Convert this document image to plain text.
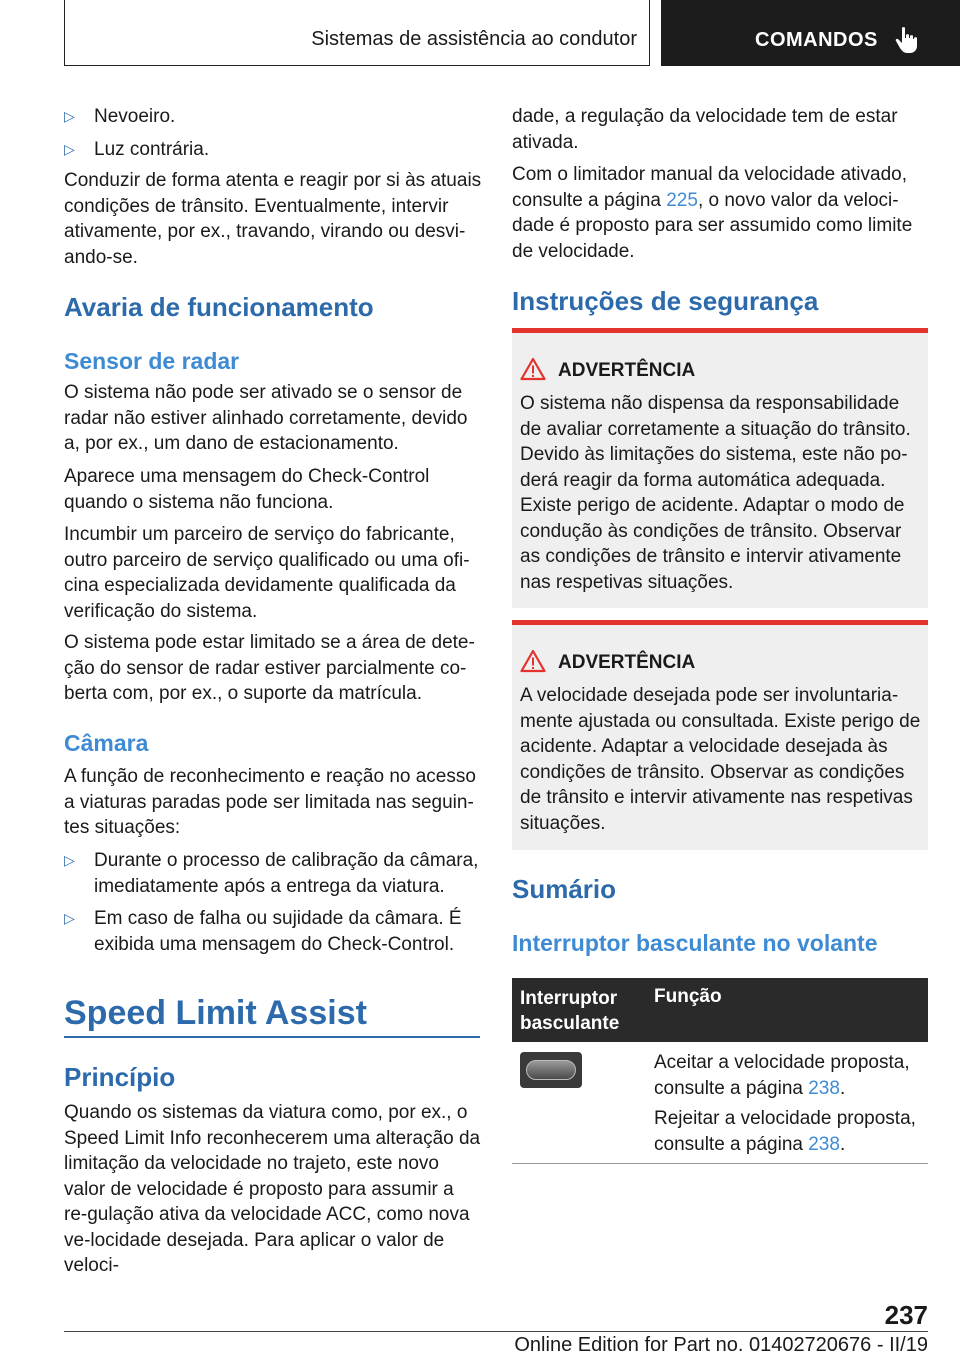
Sistemas de assistência ao condutor	COMANDOS
▷ Nevoeiro.
▷ Luz contrária.
Conduzir de forma atenta e reagir por si às atuais condições de trânsito. Eventualmente, intervir ativamente, por ex., travando, virando ou desvi-ando-se.
Avaria de funcionamento
Sensor de radar
O sistema não pode ser ativado se o sensor de radar não estiver alinhado corretamente, devido a, por ex., um dano de estacionamento.
Aparece uma mensagem do Check-Control quando o sistema não funciona.
Incumbir um parceiro de serviço do fabricante, outro parceiro de serviço qualificado ou uma ofi-cina especializada devidamente qualificada da verificação do sistema.
O sistema pode estar limitado se a área de dete-ção do sensor de radar estiver parcialmente co-berta com, por ex., o suporte da matrícula.
Câmara
A função de reconhecimento e reação no acesso a viaturas paradas pode ser limitada nas seguin-tes situações:
▷ Durante o processo de calibração da câmara, imediatamente após a entrega da viatura.
▷ Em caso de falha ou sujidade da câmara. É exibida uma mensagem do Check-Control.
Speed Limit Assist
Princípio
Quando os sistemas da viatura como, por ex., o Speed Limit Info reconhecerem uma alteração da limitação da velocidade no trajeto, este novo valor de velocidade é proposto para assumir a re-gulação ativa da velocidade ACC, como nova ve-locidade desejada. Para aplicar o valor de veloci-
dade, a regulação da velocidade tem de estar ativada.
Com o limitador manual da velocidade ativado, consulte a página 225, o novo valor da veloci-dade é proposto para ser assumido como limite de velocidade.
Instruções de segurança
ADVERTÊNCIA
O sistema não dispensa da responsabilidade de avaliar corretamente a situação do trânsito. Devido às limitações do sistema, este não po-derá reagir da forma automática adequada. Existe perigo de acidente. Adaptar o modo de condução às condições de trânsito. Observar as condições de trânsito e intervir ativamente nas respetivas situações.
ADVERTÊNCIA
A velocidade desejada pode ser involuntaria-mente ajustada ou consultada. Existe perigo de acidente. Adaptar a velocidade desejada às condições de trânsito. Observar as condições de trânsito e intervir ativamente nas respetivas situações.
Sumário
Interruptor basculante no volante
Interruptor basculante
Função
Aceitar a velocidade proposta, consulte a página 238.
Rejeitar a velocidade proposta, consulte a página 238.
237
Online Edition for Part no. 01402720676 - II/19
